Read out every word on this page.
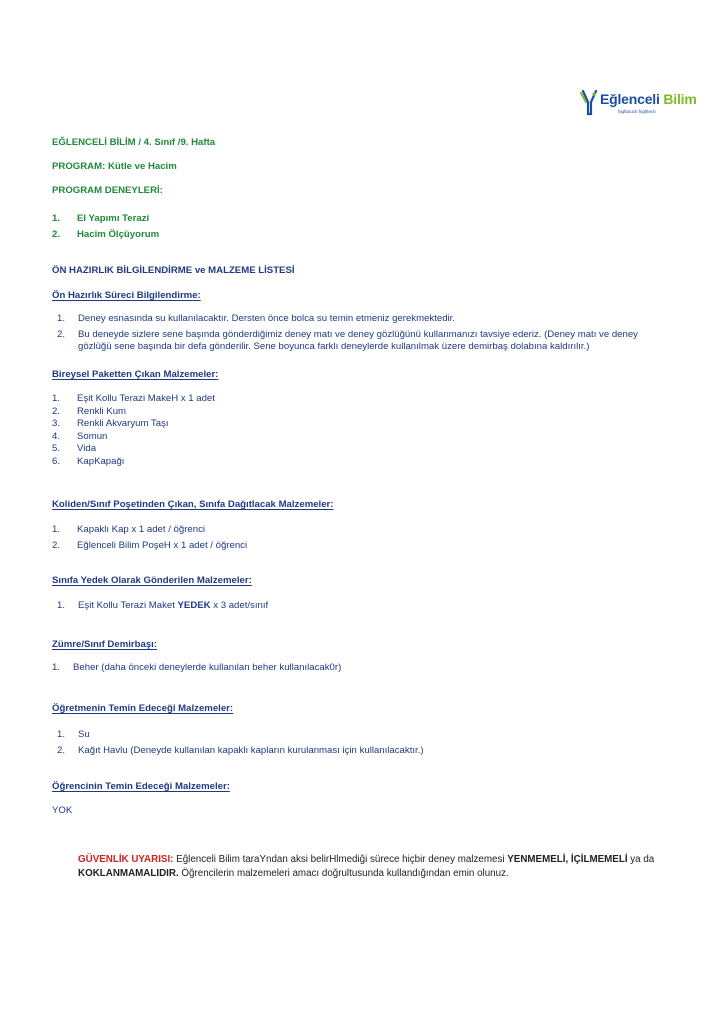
Eğlenceli Bilim
hightouch hightech
EĞLENCELİ BİLİM / 4. Sınıf /9. Hafta
PROGRAM: Kütle ve Hacim
PROGRAM DENEYLERİ:
1. El Yapımı Terazi
2. Hacim Ölçüyorum
ÖN HAZIRLIK BİLGİLENDİRME ve MALZEME LİSTESİ
Ön Hazırlık Süreci Bilgilendirme:
1. Deney esnasında su kullanılacaktır. Dersten önce bolca su temin etmeniz gerekmektedir.
2. Bu deneyde sizlere sene başında gönderdiğimiz deney matı ve deney gözlüğünü kullanmanızı tavsiye ederiz. (Deney matı ve deney gözlüğü sene başında bir defa gönderilir. Sene boyunca farklı deneylerde kullanılmak üzere demirbaş dolabına kaldırılır.)
Bireysel Paketten Çıkan Malzemeler:
1. Eşit Kollu Terazi MakeH x 1 adet
2. Renkli Kum
3. Renkli Akvaryum Taşı
4. Somun
5. Vida
6. KapKapağı
Koliden/Sınıf Poşetinden Çıkan, Sınıfa Dağıtlacak Malzemeler:
1. Kapaklı Kap x 1 adet / öğrenci
2. Eğlenceli Bilim PoşeH x 1 adet / öğrenci
Sınıfa Yedek Olarak Gönderilen Malzemeler:
1. Eşit Kollu Terazi Maket YEDEK x 3 adet/sınıf
Zümre/Sınıf Demirbaşı:
1. Beher (daha önceki deneylerde kullanılan beher kullanılacak0r)
Öğretmenin Temin Edeceği Malzemeler:
1. Su
2. Kağıt Havlu (Deneyde kullanılan kapaklı kapların kurulanması için kullanılacaktır.)
Öğrencinin Temin Edeceği Malzemeler:
YOK
GÜVENLİK UYARISI: Eğlenceli Bilim taraYndan aksi belirHlmediği sürece hiçbir deney malzemesi YENMEMELİ, İÇİLMEMELİ ya da KOKLANMAMALIDIR. Öğrencilerin malzemeleri amacı doğrultusunda kullandığından emin olunuz.
